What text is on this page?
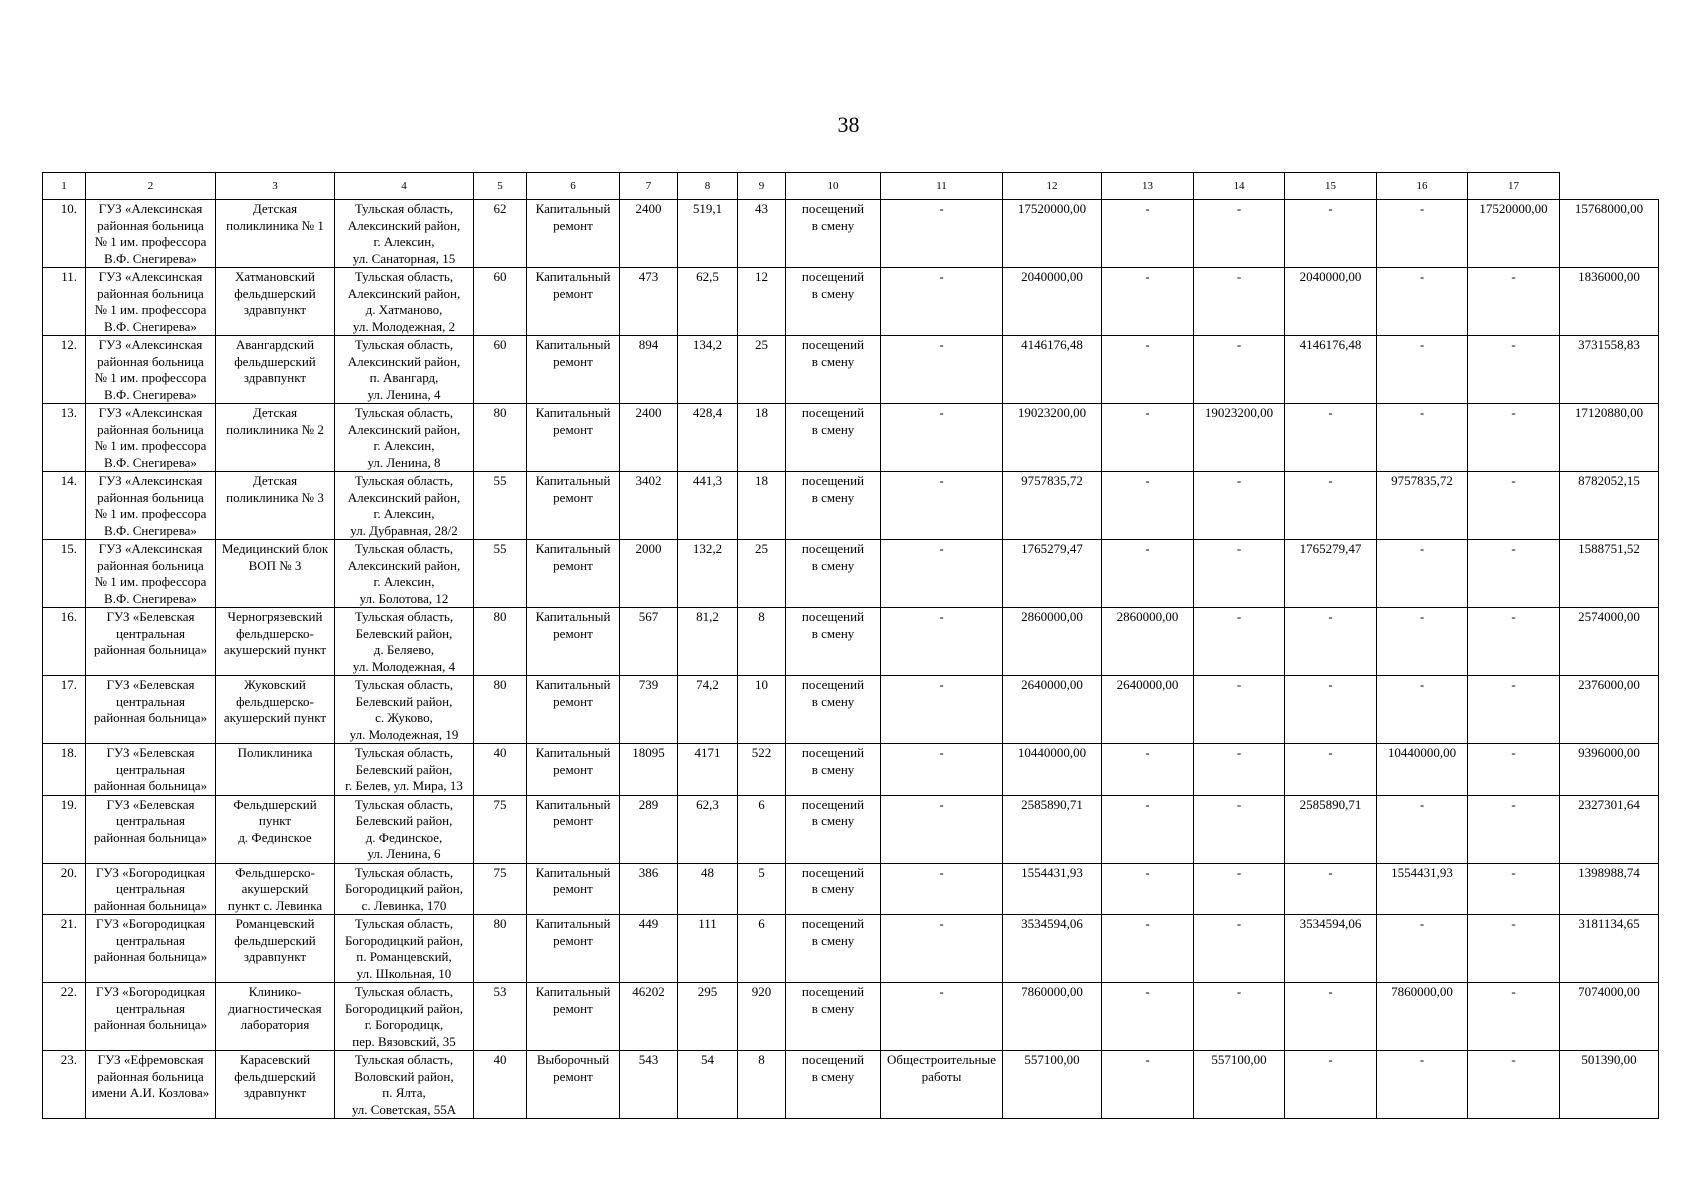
38
1	2	3	4	5	6	7	8	9	10	11	12	13	14	15	16	17	
10.	ГУЗ «Алексинская
районная больница
№ 1 им. профессора
В.Ф. Снегирева»	Детская
поликлиника № 1	Тульская область,
Алексинский район,
г. Алексин,
ул. Санаторная, 15	62	Капитальный
ремонт	2400	519,1	43	посещений
в смену	-	17520000,00	-	-	-	-	17520000,00	15768000,00
11.	ГУЗ «Алексинская
районная больница
№ 1 им. профессора
В.Ф. Снегирева»	Хатмановский
фельдшерский
здравпункт	Тульская область,
Алексинский район,
д. Хатманово,
ул. Молодежная, 2	60	Капитальный
ремонт	473	62,5	12	посещений
в смену	-	2040000,00	-	-	2040000,00	-	-	1836000,00
12.	ГУЗ «Алексинская
районная больница
№ 1 им. профессора
В.Ф. Снегирева»	Авангардский
фельдшерский
здравпункт	Тульская область,
Алексинский район,
п. Авангард,
ул. Ленина, 4	60	Капитальный
ремонт	894	134,2	25	посещений
в смену	-	4146176,48	-	-	4146176,48	-	-	3731558,83
13.	ГУЗ «Алексинская
районная больница
№ 1 им. профессора
В.Ф. Снегирева»	Детская
поликлиника № 2	Тульская область,
Алексинский район,
г. Алексин,
ул. Ленина, 8	80	Капитальный
ремонт	2400	428,4	18	посещений
в смену	-	19023200,00	-	19023200,00	-	-	-	17120880,00
14.	ГУЗ «Алексинская
районная больница
№ 1 им. профессора
В.Ф. Снегирева»	Детская
поликлиника № 3	Тульская область,
Алексинский район,
г. Алексин,
ул. Дубравная, 28/2	55	Капитальный
ремонт	3402	441,3	18	посещений
в смену	-	9757835,72	-	-	-	9757835,72	-	8782052,15
15.	ГУЗ «Алексинская
районная больница
№ 1 им. профессора
В.Ф. Снегирева»	Медицинский блок
ВОП № 3	Тульская область,
Алексинский район,
г. Алексин,
ул. Болотова, 12	55	Капитальный
ремонт	2000	132,2	25	посещений
в смену	-	1765279,47	-	-	1765279,47	-	-	1588751,52
16.	ГУЗ «Белевская
центральная
районная больница»	Черногрязевский
фельдшерско-
акушерский пункт	Тульская область,
Белевский район,
д. Беляево,
ул. Молодежная, 4	80	Капитальный
ремонт	567	81,2	8	посещений
в смену	-	2860000,00	2860000,00	-	-	-	-	2574000,00
17.	ГУЗ «Белевская
центральная
районная больница»	Жуковский
фельдшерско-
акушерский пункт	Тульская область,
Белевский район,
с. Жуково,
ул. Молодежная, 19	80	Капитальный
ремонт	739	74,2	10	посещений
в смену	-	2640000,00	2640000,00	-	-	-	-	2376000,00
18.	ГУЗ «Белевская
центральная
районная больница»	Поликлиника	Тульская область,
Белевский район,
г. Белев, ул. Мира, 13	40	Капитальный
ремонт	18095	4171	522	посещений
в смену	-	10440000,00	-	-	-	10440000,00	-	9396000,00
19.	ГУЗ «Белевская
центральная
районная больница»	Фельдшерский
пункт
д. Фединское	Тульская область,
Белевский район,
д. Фединское,
ул. Ленина, 6	75	Капитальный
ремонт	289	62,3	6	посещений
в смену	-	2585890,71	-	-	2585890,71	-	-	2327301,64
20.	ГУЗ «Богородицкая
центральная
районная больница»	Фельдшерско-
акушерский
пункт с. Левинка	Тульская область,
Богородицкий район,
с. Левинка, 170	75	Капитальный
ремонт	386	48	5	посещений
в смену	-	1554431,93	-	-	-	1554431,93	-	1398988,74
21.	ГУЗ «Богородицкая
центральная
районная больница»	Романцевский
фельдшерский
здравпункт	Тульская область,
Богородицкий район,
п. Романцевский,
ул. Школьная, 10	80	Капитальный
ремонт	449	111	6	посещений
в смену	-	3534594,06	-	-	3534594,06	-	-	3181134,65
22.	ГУЗ «Богородицкая
центральная
районная больница»	Клинико-
диагностическая
лаборатория	Тульская область,
Богородицкий район,
г. Богородицк,
пер. Вязовский, 35	53	Капитальный
ремонт	46202	295	920	посещений
в смену	-	7860000,00	-	-	-	7860000,00	-	7074000,00
23.	ГУЗ «Ефремовская
районная больница
имени А.И. Козлова»	Карасевский
фельдшерский
здравпункт	Тульская область,
Воловский район,
п. Ялта,
ул. Советская, 55А	40	Выборочный
ремонт	543	54	8	посещений
в смену	Общестроительные
работы	557100,00	-	557100,00	-	-	-	501390,00
